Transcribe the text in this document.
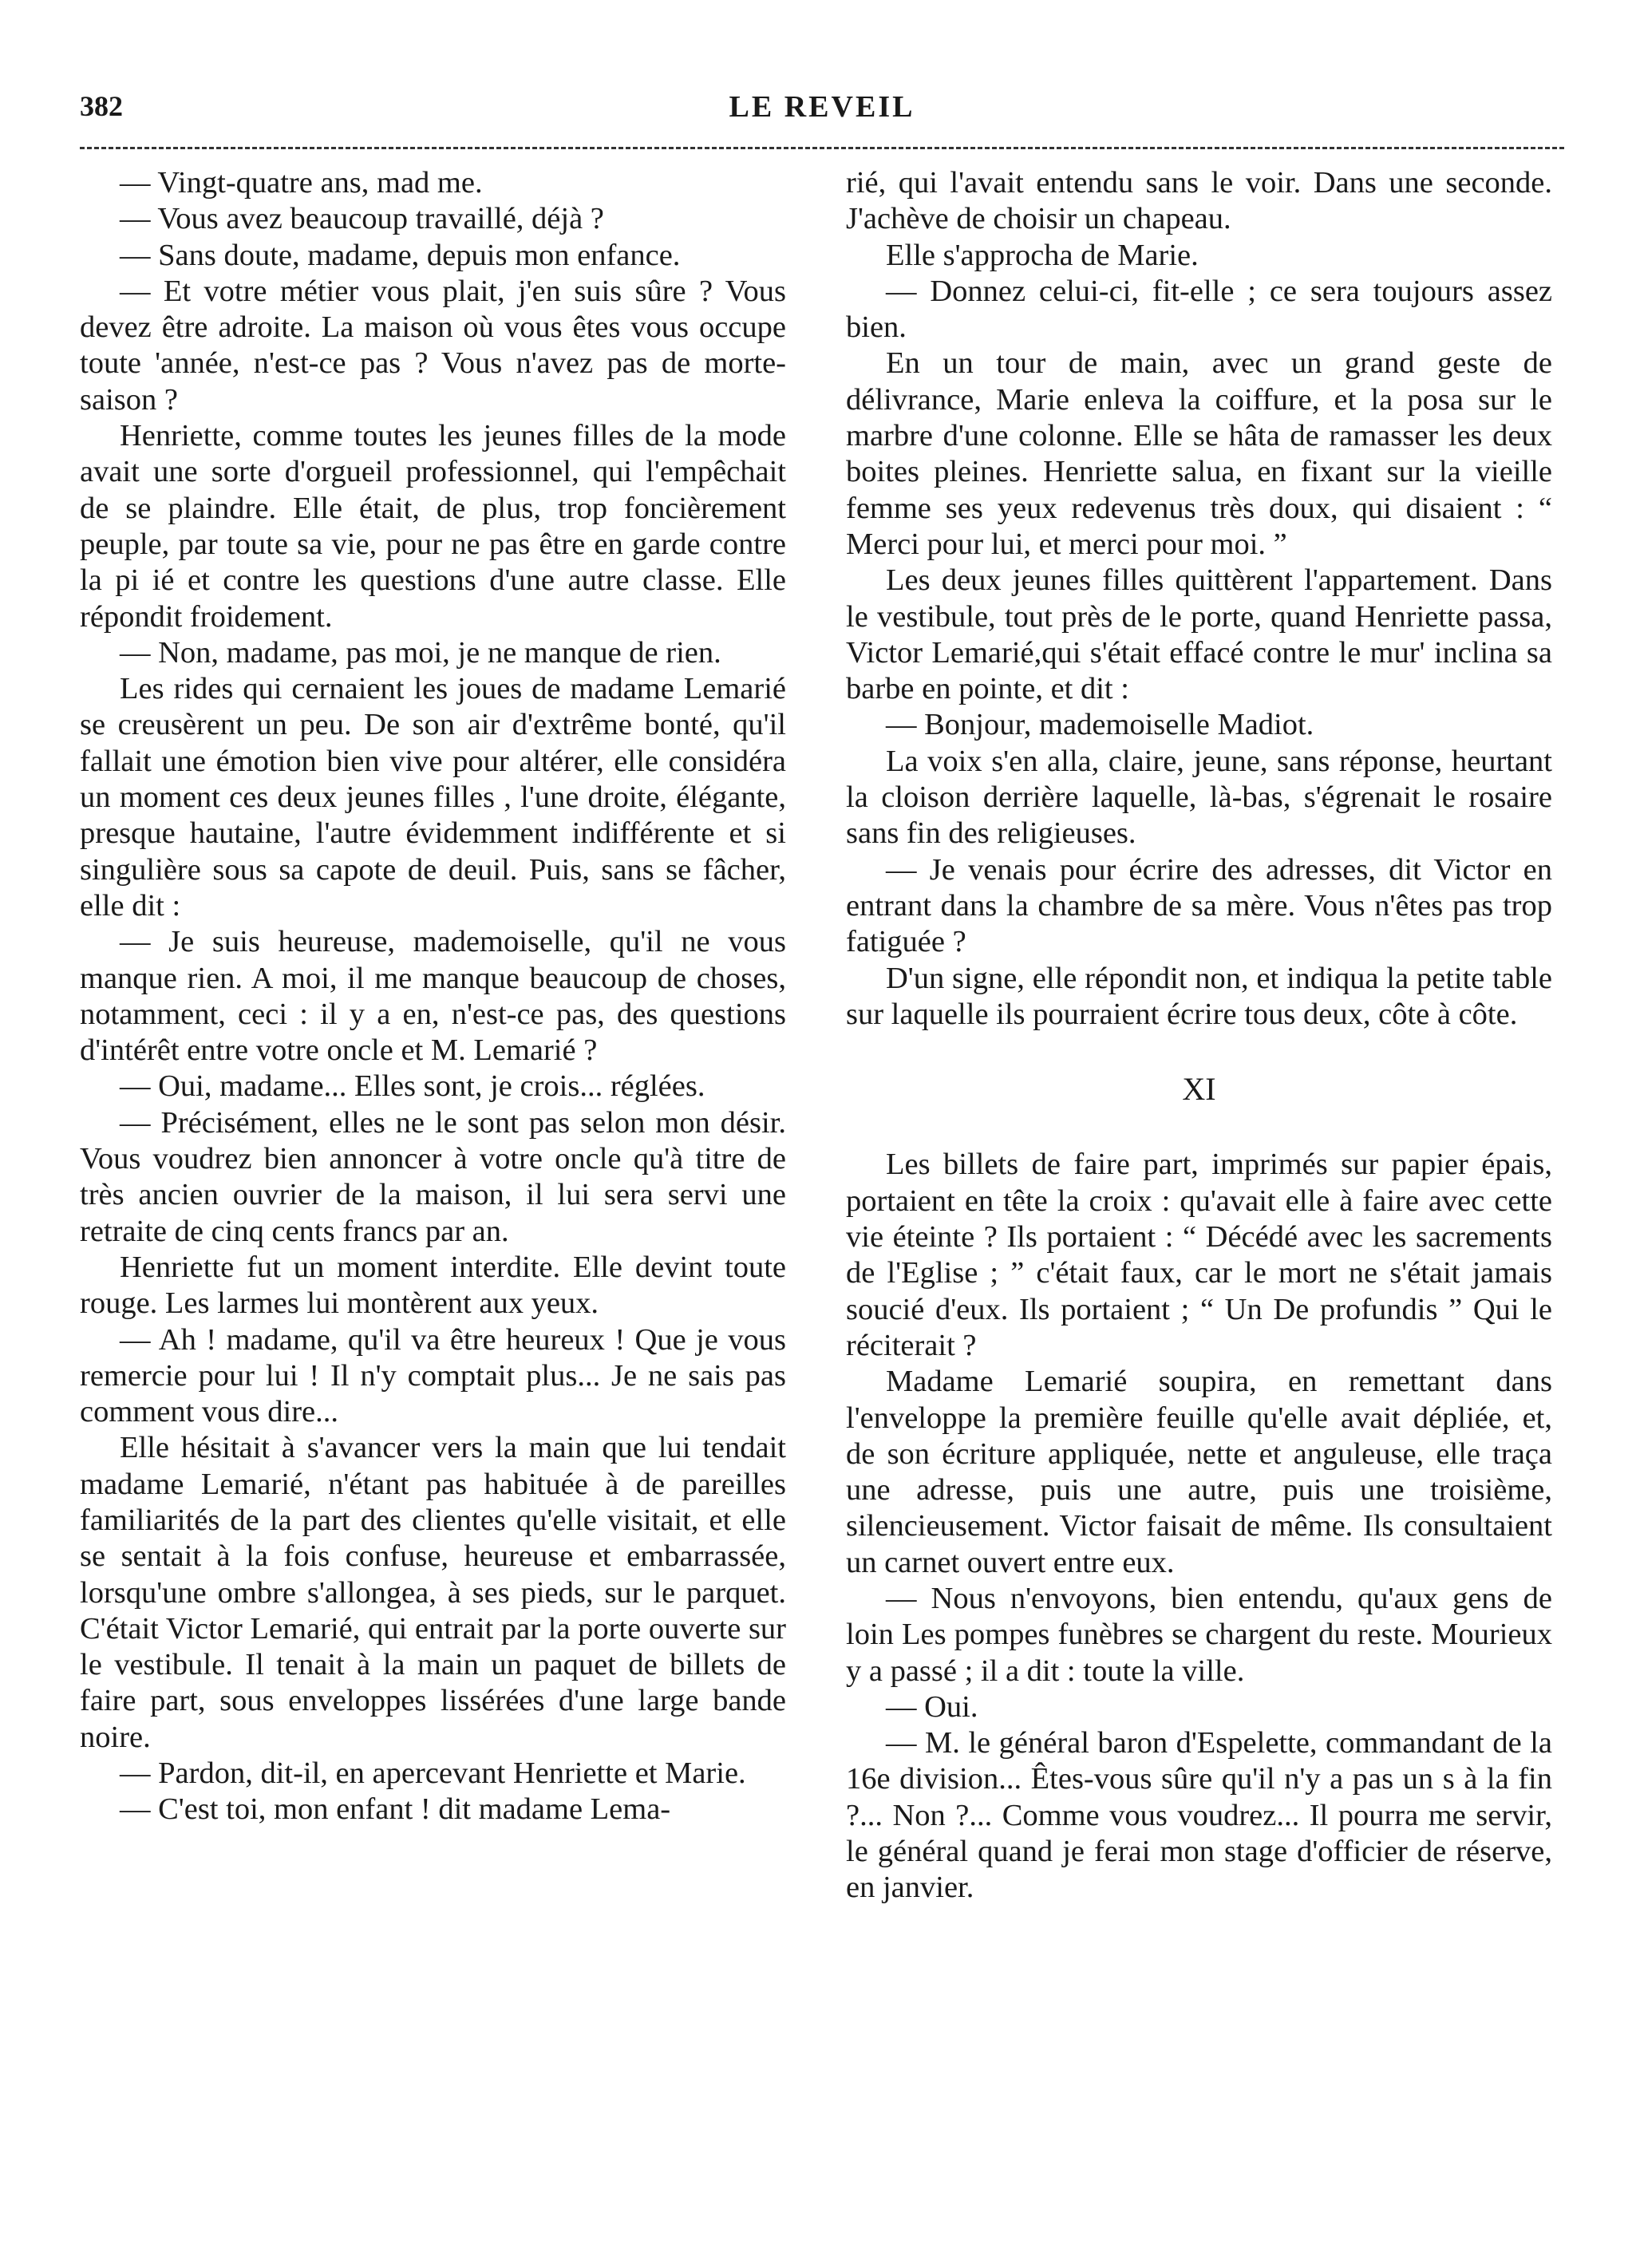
382	LE REVEIL

— Vingt-quatre ans, mad me.

— Vous avez beaucoup travaillé, déjà ?

— Sans doute, madame, depuis mon enfance.

— Et votre métier vous plait, j'en suis sûre ? Vous devez être adroite. La maison où vous êtes vous occupe toute 'année, n'est-ce pas ? Vous n'avez pas de morte-saison ?

Henriette, comme toutes les jeunes filles de la mode avait une sorte d'orgueil professionnel, qui l'empêchait de se plaindre. Elle était, de plus, trop foncièrement peuple, par toute sa vie, pour ne pas être en garde contre la pi ié et contre les questions d'une autre classe. Elle répondit froidement.

— Non, madame, pas moi, je ne manque de rien.

Les rides qui cernaient les joues de madame Lemarié se creusèrent un peu. De son air d'extrême bonté, qu'il fallait une émotion bien vive pour altérer, elle considéra un moment ces deux jeunes filles , l'une droite, élégante, presque hautaine, l'autre évidemment indifférente et si singulière sous sa capote de deuil. Puis, sans se fâcher, elle dit :

— Je suis heureuse, mademoiselle, qu'il ne vous manque rien. A moi, il me manque beaucoup de choses, notamment, ceci : il y a en, n'est-ce pas, des questions d'intérêt entre votre oncle et M. Lemarié ?

— Oui, madame... Elles sont, je crois... réglées.

— Précisément, elles ne le sont pas selon mon désir. Vous voudrez bien annoncer à votre oncle qu'à titre de très ancien ouvrier de la maison, il lui sera servi une retraite de cinq cents francs par an.

Henriette fut un moment interdite. Elle devint toute rouge. Les larmes lui montèrent aux yeux.

— Ah ! madame, qu'il va être heureux ! Que je vous remercie pour lui ! Il n'y comptait plus... Je ne sais pas comment vous dire...

Elle hésitait à s'avancer vers la main que lui tendait madame Lemarié, n'étant pas habituée à de pareilles familiarités de la part des clientes qu'elle visitait, et elle se sentait à la fois confuse, heureuse et embarrassée, lorsqu'une ombre s'allongea, à ses pieds, sur le parquet. C'était Victor Lemarié, qui entrait par la porte ouverte sur le vestibule. Il tenait à la main un paquet de billets de faire part, sous enveloppes lissérées d'une large bande noire.

— Pardon, dit-il, en apercevant Henriette et Marie.

— C'est toi, mon enfant ! dit madame Lema-

rié, qui l'avait entendu sans le voir. Dans une seconde. J'achève de choisir un chapeau.

Elle s'approcha de Marie.

— Donnez celui-ci, fit-elle ; ce sera toujours assez bien.

En un tour de main, avec un grand geste de délivrance, Marie enleva la coiffure, et la posa sur le marbre d'une colonne. Elle se hâta de ramasser les deux boites pleines. Henriette salua, en fixant sur la vieille femme ses yeux redevenus très doux, qui disaient : “ Merci pour lui, et merci pour moi. ”

Les deux jeunes filles quittèrent l'appartement. Dans le vestibule, tout près de le porte, quand Henriette passa, Victor Lemarié,qui s'était effacé contre le mur' inclina sa barbe en pointe, et dit :

— Bonjour, mademoiselle Madiot.

La voix s'en alla, claire, jeune, sans réponse, heurtant la cloison derrière laquelle, là-bas, s'égrenait le rosaire sans fin des religieuses.

— Je venais pour écrire des adresses, dit Victor en entrant dans la chambre de sa mère. Vous n'êtes pas trop fatiguée ?

D'un signe, elle répondit non, et indiqua la petite table sur laquelle ils pourraient écrire tous deux, côte à côte.

XI

Les billets de faire part, imprimés sur papier épais, portaient en tête la croix : qu'avait elle à faire avec cette vie éteinte ? Ils portaient : “ Décédé avec les sacrements de l'Eglise ; ” c'était faux, car le mort ne s'était jamais soucié d'eux. Ils portaient ; “ Un De profundis ” Qui le réciterait ?

Madame Lemarié soupira, en remettant dans l'enveloppe la première feuille qu'elle avait dépliée, et, de son écriture appliquée, nette et anguleuse, elle traça une adresse, puis une autre, puis une troisième, silencieusement. Victor faisait de même. Ils consultaient un carnet ouvert entre eux.

— Nous n'envoyons, bien entendu, qu'aux gens de loin Les pompes funèbres se chargent du reste. Mourieux y a passé ; il a dit : toute la ville.

— Oui.

— M. le général baron d'Espelette, commandant de la 16e division... Êtes-vous sûre qu'il n'y a pas un s à la fin ?... Non ?... Comme vous voudrez... Il pourra me servir, le général quand je ferai mon stage d'officier de réserve, en janvier.
